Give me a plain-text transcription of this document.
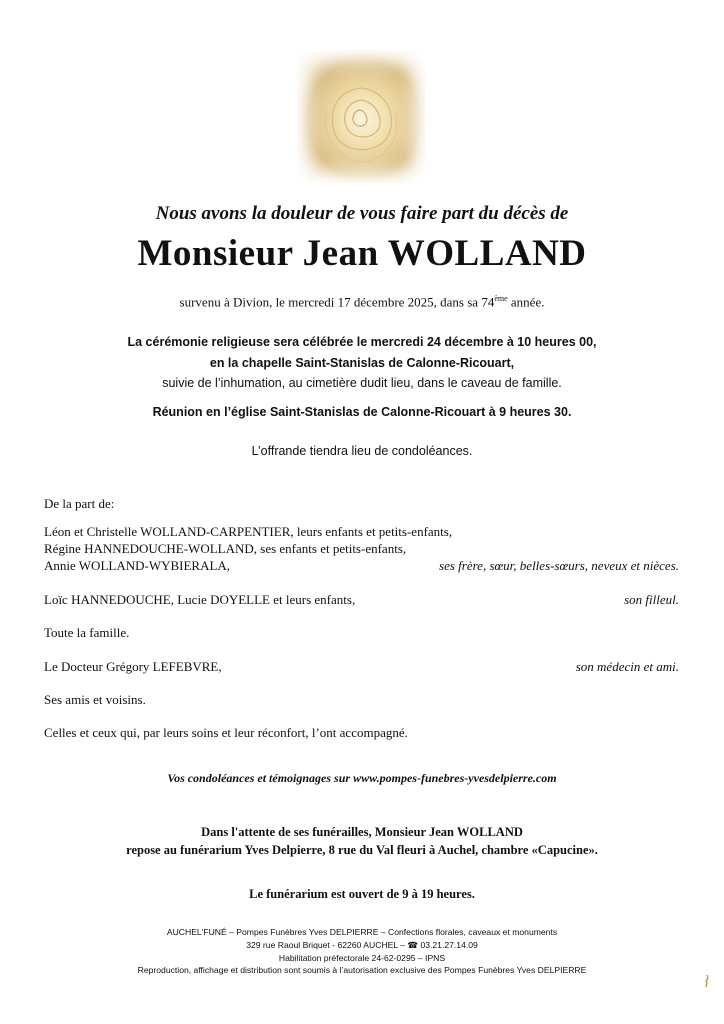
Nous avons la douleur de vous faire part du décès de
Monsieur Jean WOLLAND
survenu à Divion, le mercredi 17 décembre 2025, dans sa 74ème année.
La cérémonie religieuse sera célébrée le mercredi 24 décembre à 10 heures 00,
en la chapelle Saint-Stanislas de Calonne-Ricouart,
suivie de l’inhumation, au cimetière dudit lieu, dans le caveau de famille.
Réunion en l’église Saint-Stanislas de Calonne-Ricouart à 9 heures 30.
L’offrande tiendra lieu de condoléances.
De la part de:
Léon et Christelle WOLLAND-CARPENTIER, leurs enfants et petits-enfants,
Régine HANNEDOUCHE-WOLLAND, ses enfants et petits-enfants,
Annie WOLLAND-WYBIERALA,	ses frère, sœur, belles-sœurs, neveux et nièces.
Loïc HANNEDOUCHE, Lucie DOYELLE et leurs enfants,	son filleul.
Toute la famille.
Le Docteur Grégory LEFEBVRE,	son médecin et ami.
Ses amis et voisins.
Celles et ceux qui, par leurs soins et leur réconfort, l’ont accompagné.
Vos condoléances et témoignages sur www.pompes-funebres-yvesdelpierre.com
Dans l'attente de ses funérailles, Monsieur Jean WOLLAND
repose au funérarium Yves Delpierre, 8 rue du Val fleuri à Auchel, chambre «Capucine».
Le funérarium est ouvert de 9 à 19 heures.
AUCHEL'FUNÉ – Pompes Funèbres Yves DELPIERRE – Confections florales, caveaux et monuments
329 rue Raoul Briquet - 62260 AUCHEL – ☎ 03.21.27.14.09
Habilitation préfectorale 24-62-0295 – IPNS
Reproduction, affichage et distribution sont soumis à l’autorisation exclusive des Pompes Funèbres Yves DELPIERRE
